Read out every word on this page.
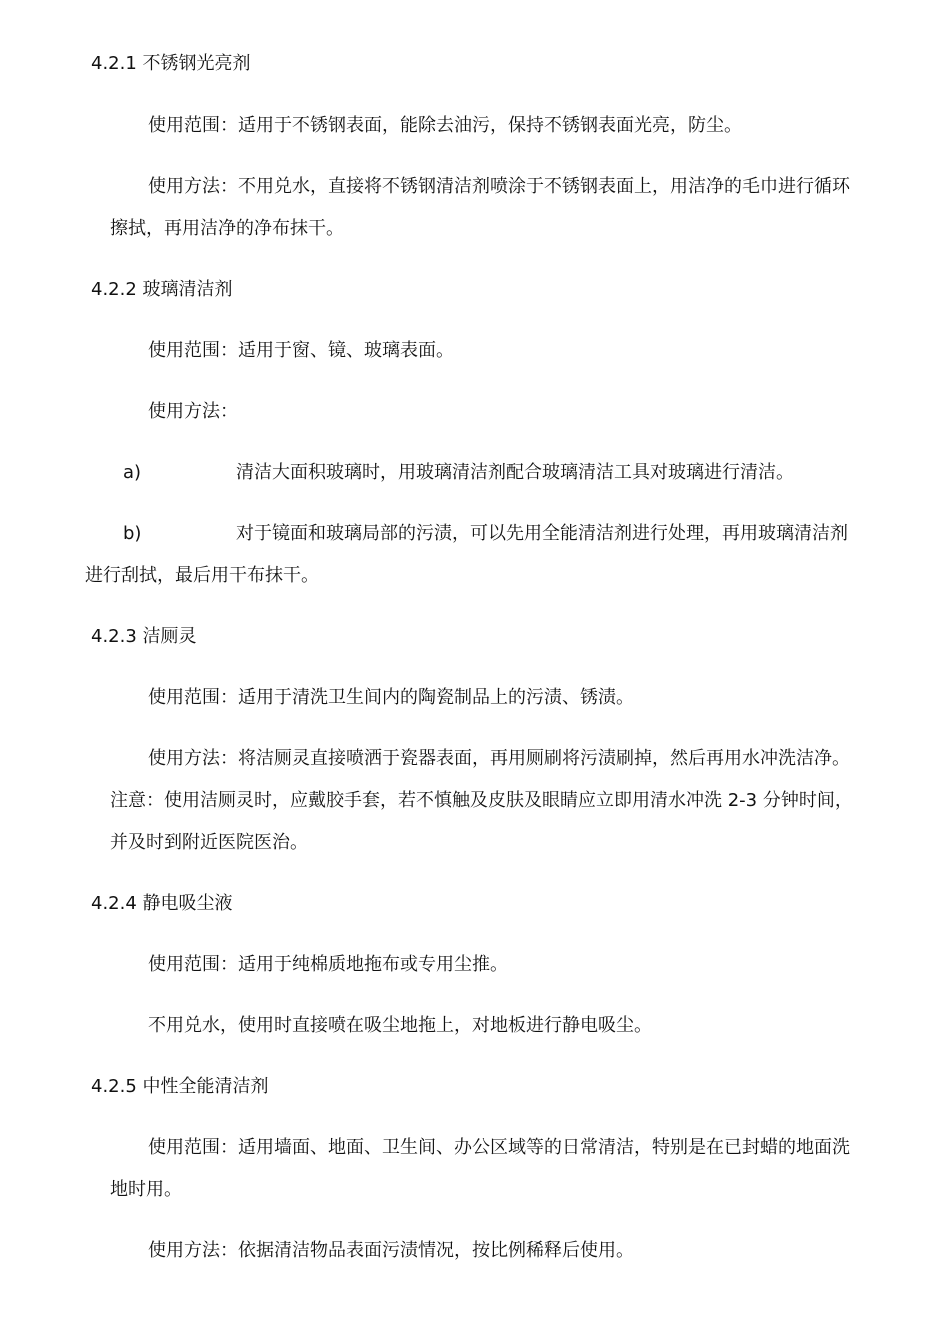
4.2.1 不锈钢光亮剂
使用范围：适用于不锈钢表面，能除去油污，保持不锈钢表面光亮，防尘。
使用方法：不用兑水，直接将不锈钢清洁剂喷涂于不锈钢表面上，用洁净的毛巾进行循环
擦拭，再用洁净的净布抹干。
4.2.2 玻璃清洁剂
使用范围：适用于窗、镜、玻璃表面。
使用方法：
a)	清洁大面积玻璃时，用玻璃清洁剂配合玻璃清洁工具对玻璃进行清洁。
b)	对于镜面和玻璃局部的污渍，可以先用全能清洁剂进行处理，再用玻璃清洁剂
进行刮拭，最后用干布抹干。
4.2.3 洁厕灵
使用范围：适用于清洗卫生间内的陶瓷制品上的污渍、锈渍。
使用方法：将洁厕灵直接喷洒于瓷器表面，再用厕刷将污渍刷掉，然后再用水冲洗洁净。
注意：使用洁厕灵时，应戴胶手套，若不慎触及皮肤及眼睛应立即用清水冲洗 2-3 分钟时间，
并及时到附近医院医治。
4.2.4 静电吸尘液
使用范围：适用于纯棉质地拖布或专用尘推。
不用兑水，使用时直接喷在吸尘地拖上，对地板进行静电吸尘。
4.2.5 中性全能清洁剂
使用范围：适用墙面、地面、卫生间、办公区域等的日常清洁，特别是在已封蜡的地面洗
地时用。
使用方法：依据清洁物品表面污渍情况，按比例稀释后使用。
